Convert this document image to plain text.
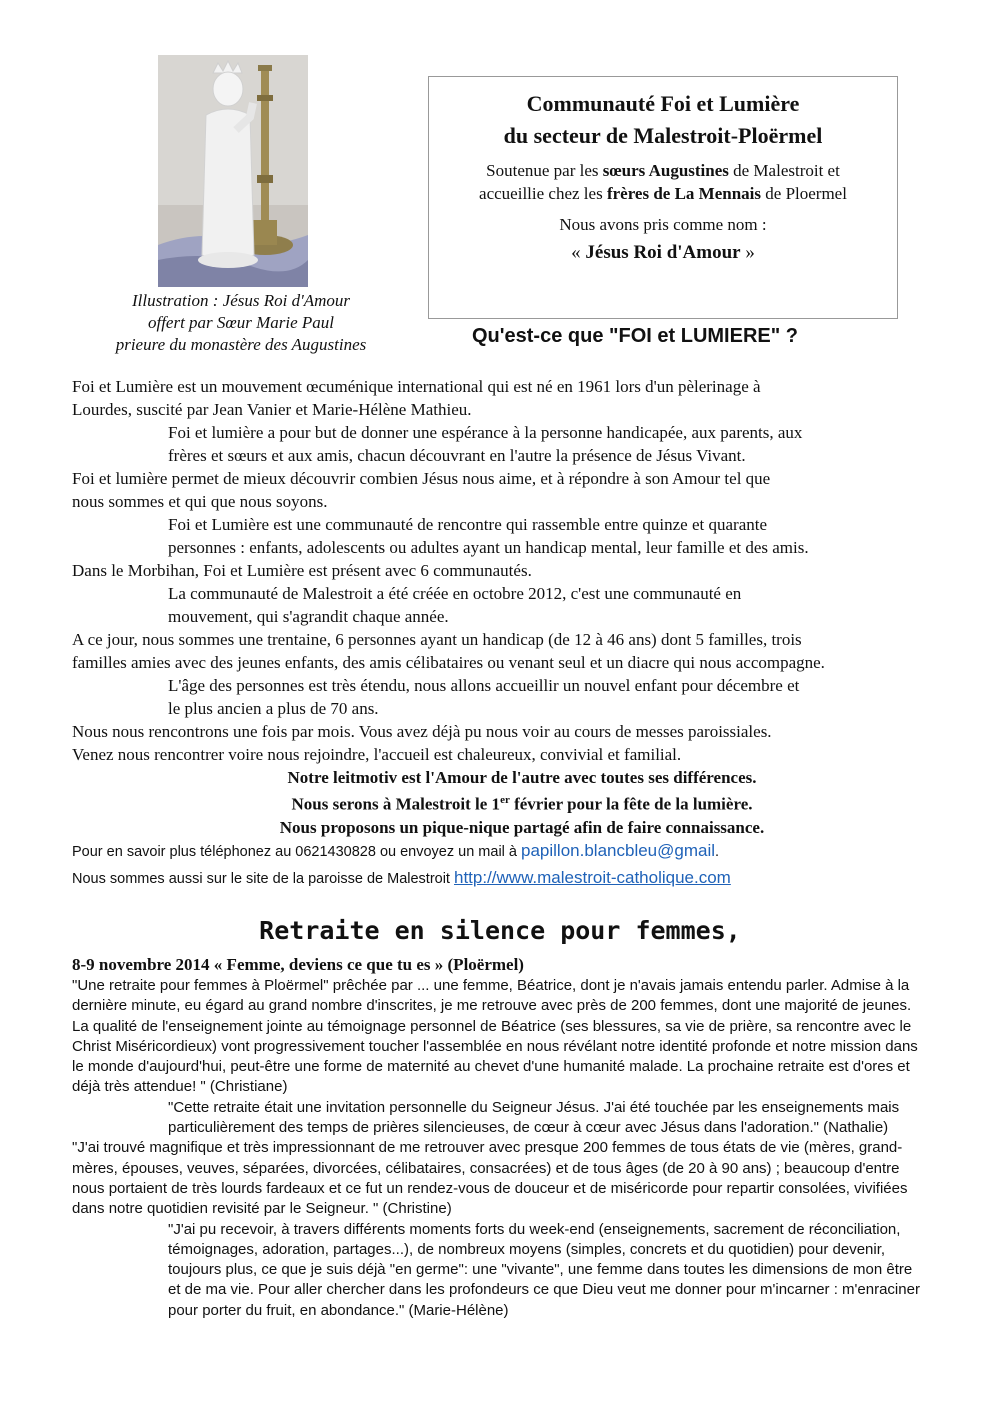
Illustration : Jésus Roi d'Amour
offert par Sœur Marie Paul
prieure du monastère des Augustines
Communauté Foi et Lumière
du secteur de Malestroit-Ploërmel
Soutenue par les sœurs Augustines de Malestroit et
accueillie chez les frères de La Mennais de Ploermel
Nous avons pris comme nom :
« Jésus Roi d'Amour »
Qu'est-ce que "FOI et LUMIERE" ?
Foi et Lumière est un mouvement œcuménique international qui est né en 1961 lors d'un pèlerinage à
Lourdes, suscité par Jean Vanier et Marie-Hélène Mathieu.
Foi et lumière a pour but de donner une espérance à la personne handicapée, aux parents, aux
frères et sœurs et aux amis, chacun découvrant en l'autre la présence de Jésus Vivant.
Foi et lumière permet de mieux découvrir combien Jésus nous aime, et à répondre à son Amour tel que
nous sommes et qui que nous soyons.
Foi et Lumière est une communauté de rencontre qui rassemble entre quinze et quarante
personnes : enfants, adolescents ou adultes ayant un handicap mental, leur famille et des amis.
Dans le Morbihan, Foi et Lumière est présent avec 6 communautés.
La communauté de Malestroit a été créée en octobre 2012, c'est une communauté en
mouvement, qui s'agrandit chaque année.
A ce jour, nous sommes une trentaine, 6 personnes ayant un handicap (de 12 à 46 ans) dont 5 familles, trois
familles amies avec des jeunes enfants, des amis célibataires ou venant seul et un diacre qui nous accompagne.
L'âge des personnes est très étendu, nous allons accueillir un nouvel enfant pour décembre et
le plus ancien a plus de 70 ans.
Nous nous rencontrons une fois par mois. Vous avez déjà pu nous voir au cours de messes paroissiales.
Venez nous rencontrer voire nous rejoindre, l'accueil est chaleureux, convivial et familial.
Notre leitmotiv est l'Amour de l'autre avec toutes ses différences.
Nous serons à Malestroit le 1er février pour la fête de la lumière.
Nous proposons un pique-nique partagé afin de faire connaissance.
Pour en savoir plus téléphonez au 0621430828 ou envoyez un mail à papillon.blancbleu@gmail.
Nous sommes aussi sur le site de la paroisse de Malestroit http://www.malestroit-catholique.com
Retraite en silence pour femmes,
8-9 novembre 2014 « Femme, deviens ce que tu es » (Ploërmel)
"Une retraite pour femmes à Ploërmel" prêchée par ... une femme, Béatrice, dont je n'avais jamais entendu parler. Admise à la
dernière minute, eu égard au grand nombre d'inscrites, je me retrouve avec près de 200 femmes, dont une majorité de jeunes.
La qualité de l'enseignement jointe au témoignage personnel de Béatrice (ses blessures, sa vie de prière, sa rencontre avec le
Christ Miséricordieux) vont progressivement toucher l'assemblée en nous révélant notre identité profonde et notre mission dans
le monde d'aujourd'hui, peut-être une forme de maternité au chevet d'une humanité malade. La prochaine retraite est d'ores et
déjà très attendue! " (Christiane)
"Cette retraite était une invitation personnelle du Seigneur Jésus. J'ai été touchée par les enseignements mais
particulièrement des temps de prières silencieuses, de cœur à cœur avec Jésus dans l'adoration." (Nathalie)
"J'ai trouvé magnifique et très impressionnant de me retrouver avec presque 200 femmes de tous états de vie (mères, grand-
mères, épouses, veuves, séparées, divorcées, célibataires, consacrées) et de tous âges (de 20 à 90 ans) ; beaucoup d'entre
nous portaient de très lourds fardeaux et ce fut un rendez-vous de douceur et de miséricorde pour repartir consolées, vivifiées
dans notre quotidien revisité par le Seigneur. " (Christine)
"J'ai pu recevoir, à travers différents moments forts du week-end (enseignements, sacrement de réconciliation,
témoignages, adoration, partages...), de nombreux moyens (simples, concrets et du quotidien) pour devenir,
toujours plus, ce que je suis déjà "en germe": une "vivante", une femme dans toutes les dimensions de mon être
et de ma vie. Pour aller chercher dans les profondeurs ce que Dieu veut me donner pour m'incarner : m'enraciner
pour porter du fruit, en abondance." (Marie-Hélène)
